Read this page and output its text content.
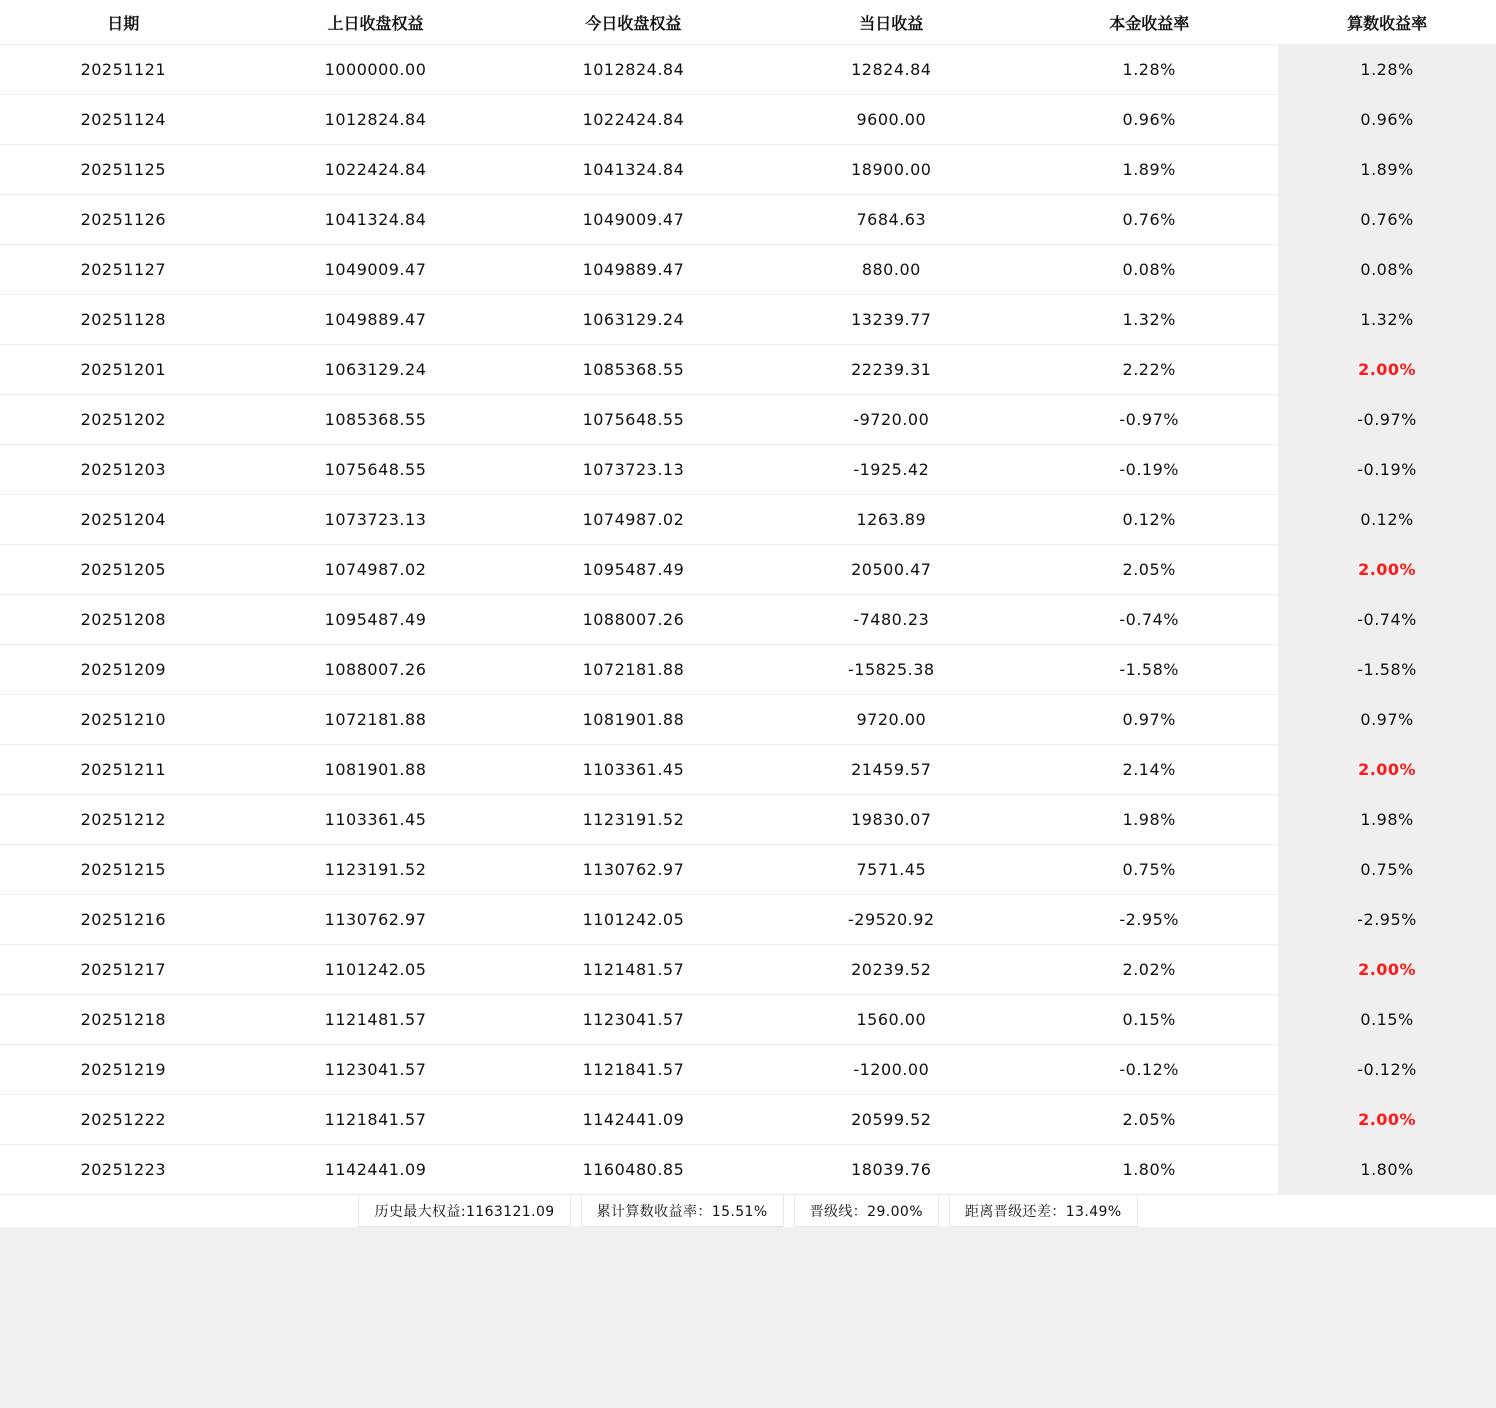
日期	上日收盘权益	今日收盘权益	当日收益	本金收益率	算数收益率
20251121	1000000.00	1012824.84	12824.84	1.28%	1.28%
20251124	1012824.84	1022424.84	9600.00	0.96%	0.96%
20251125	1022424.84	1041324.84	18900.00	1.89%	1.89%
20251126	1041324.84	1049009.47	7684.63	0.76%	0.76%
20251127	1049009.47	1049889.47	880.00	0.08%	0.08%
20251128	1049889.47	1063129.24	13239.77	1.32%	1.32%
20251201	1063129.24	1085368.55	22239.31	2.22%	2.00%
20251202	1085368.55	1075648.55	-9720.00	-0.97%	-0.97%
20251203	1075648.55	1073723.13	-1925.42	-0.19%	-0.19%
20251204	1073723.13	1074987.02	1263.89	0.12%	0.12%
20251205	1074987.02	1095487.49	20500.47	2.05%	2.00%
20251208	1095487.49	1088007.26	-7480.23	-0.74%	-0.74%
20251209	1088007.26	1072181.88	-15825.38	-1.58%	-1.58%
20251210	1072181.88	1081901.88	9720.00	0.97%	0.97%
20251211	1081901.88	1103361.45	21459.57	2.14%	2.00%
20251212	1103361.45	1123191.52	19830.07	1.98%	1.98%
20251215	1123191.52	1130762.97	7571.45	0.75%	0.75%
20251216	1130762.97	1101242.05	-29520.92	-2.95%	-2.95%
20251217	1101242.05	1121481.57	20239.52	2.02%	2.00%
20251218	1121481.57	1123041.57	1560.00	0.15%	0.15%
20251219	1123041.57	1121841.57	-1200.00	-0.12%	-0.12%
20251222	1121841.57	1142441.09	20599.52	2.05%	2.00%
20251223	1142441.09	1160480.85	18039.76	1.80%	1.80%
历史最大权益:1163121.09	累计算数收益率：15.51%	晋级线：29.00%	距离晋级还差：13.49%
